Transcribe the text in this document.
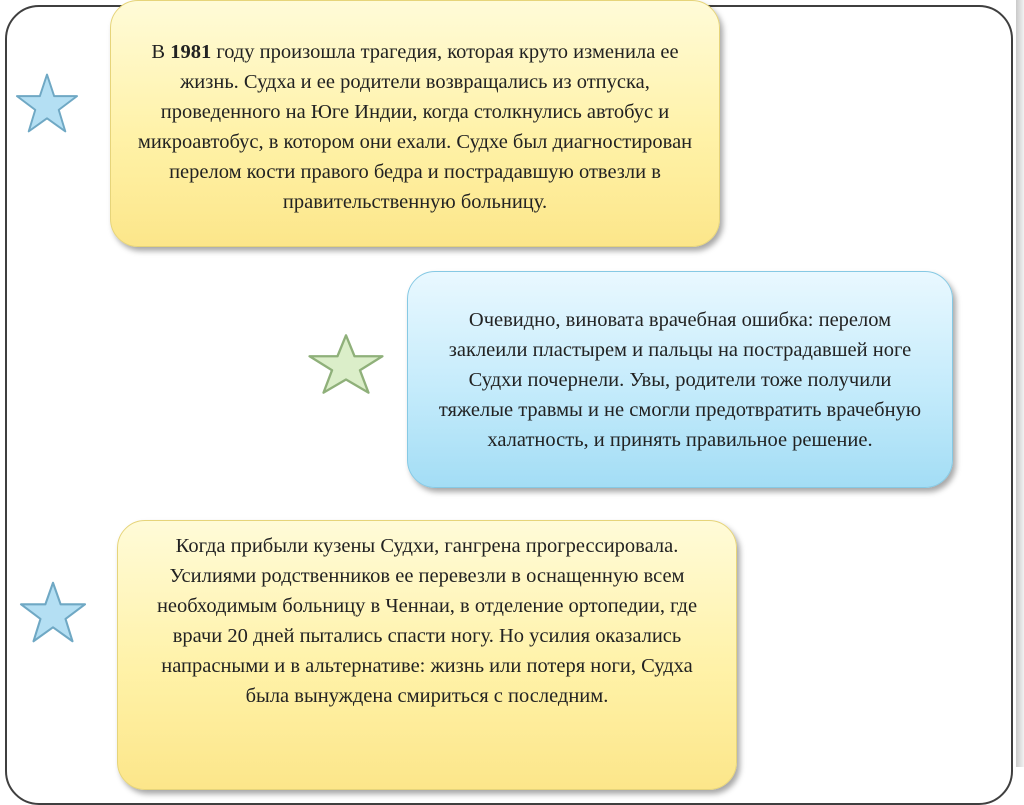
В 1981 году произошла трагедия, которая круто изменила ее жизнь. Судха и ее родители возвращались из отпуска, проведенного на Юге Индии, когда столкнулись автобус и микроавтобус, в котором они ехали. Судхе был диагностирован перелом кости правого бедра и пострадавшую отвезли в правительственную больницу.
Очевидно, виновата врачебная ошибка: перелом заклеили пластырем и пальцы на пострадавшей ноге Судхи почернели. Увы, родители тоже получили тяжелые травмы и не смогли предотвратить врачебную халатность, и принять правильное решение.
Когда прибыли кузены Судхи, гангрена прогрессировала. Усилиями родственников ее перевезли в оснащенную всем необходимым больницу в Ченнаи, в отделение ортопедии, где врачи 20 дней пытались спасти ногу. Но усилия оказались напрасными и в альтернативе: жизнь или потеря ноги, Судха была вынуждена смириться с последним.
